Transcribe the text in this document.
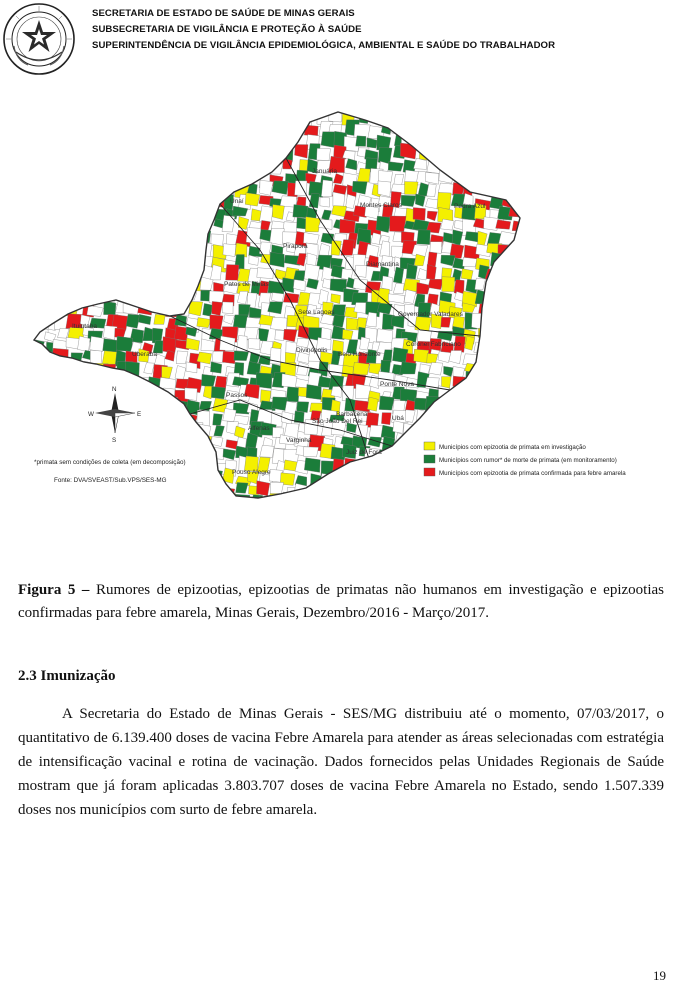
SECRETARIA DE ESTADO DE SAÚDE DE MINAS GERAIS
SUBSECRETARIA DE VIGILÂNCIA E PROTEÇÃO À SAÚDE
SUPERINTENDÊNCIA DE VIGILÂNCIA EPIDEMIOLÓGICA, AMBIENTAL E SAÚDE DO TRABALHADOR
Januária
Montes Claros	Pedra Azul
Unaí
Pirapora
Diamantina
Patos de Minas
Sete Lagoas	Governador Valadares
Ituiutaba
Uberaba
Divinópolis
Belo Horizonte
Coronel Fabriciano
Ponte Nova
Passos
Alfenas
Barbacena
Ubá
Varginha
São João Del Rei
Juiz de Fora
Pouso Alegre
N
S
E
W
*primata sem condições de coleta (em decomposição)
Fonte: DVA/SVEAST/Sub.VPS/SES-MG
Municípios com epizootia de primata em investigação
Municípios com rumor* de morte de primata (em monitoramento)
Municípios com epizootia de primata confirmada para febre amarela
Figura 5 – Rumores de epizootias, epizootias de primatas não humanos em investigação e epizootias confirmadas para febre amarela, Minas Gerais, Dezembro/2016 - Março/2017.
2.3 Imunização
A Secretaria do Estado de Minas Gerais - SES/MG distribuiu até o momento, 07/03/2017, o quantitativo de 6.139.400 doses de vacina Febre Amarela para atender as áreas selecionadas com estratégia de intensificação vacinal e rotina de vacinação. Dados fornecidos pelas Unidades Regionais de Saúde mostram que já foram aplicadas 3.803.707 doses de vacina Febre Amarela no Estado, sendo 1.507.339 doses nos municípios com surto de febre amarela.
19
